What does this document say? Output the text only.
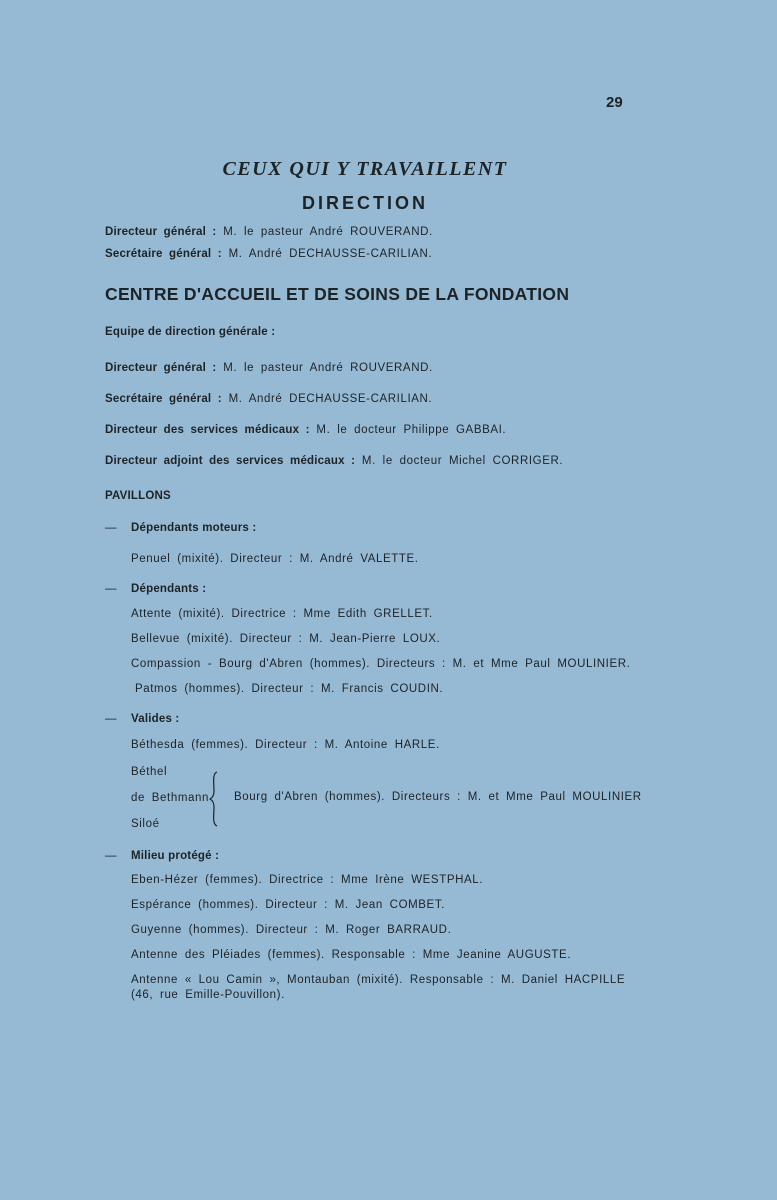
29
CEUX QUI Y TRAVAILLENT
DIRECTION
Directeur général : M. le pasteur André ROUVERAND.
Secrétaire général : M. André DECHAUSSE-CARILIAN.
CENTRE D'ACCUEIL ET DE SOINS DE LA FONDATION
Equipe de direction générale :
Directeur général : M. le pasteur André ROUVERAND.
Secrétaire général : M. André DECHAUSSE-CARILIAN.
Directeur des services médicaux : M. le docteur Philippe GABBAI.
Directeur adjoint des services médicaux : M. le docteur Michel CORRIGER.
PAVILLONS
— Dépendants moteurs :
Penuel (mixité). Directeur : M. André VALETTE.
— Dépendants :
Attente (mixité). Directrice : Mme Edith GRELLET.
Bellevue (mixité). Directeur : M. Jean-Pierre LOUX.
Compassion - Bourg d'Abren (hommes). Directeurs : M. et Mme Paul MOULINIER.
Patmos (hommes). Directeur : M. Francis COUDIN.
— Valides :
Béthesda (femmes). Directeur : M. Antoine HARLE.
Béthel
de Bethmann
Siloé
Bourg d'Abren (hommes). Directeurs : M. et Mme Paul MOULINIER
— Milieu protégé :
Eben-Hézer (femmes). Directrice : Mme Irène WESTPHAL.
Espérance (hommes). Directeur : M. Jean COMBET.
Guyenne (hommes). Directeur : M. Roger BARRAUD.
Antenne des Pléiades (femmes). Responsable : Mme Jeanine AUGUSTE.
Antenne « Lou Camin », Montauban (mixité). Responsable : M. Daniel HACPILLE
(46, rue Emille-Pouvillon).
